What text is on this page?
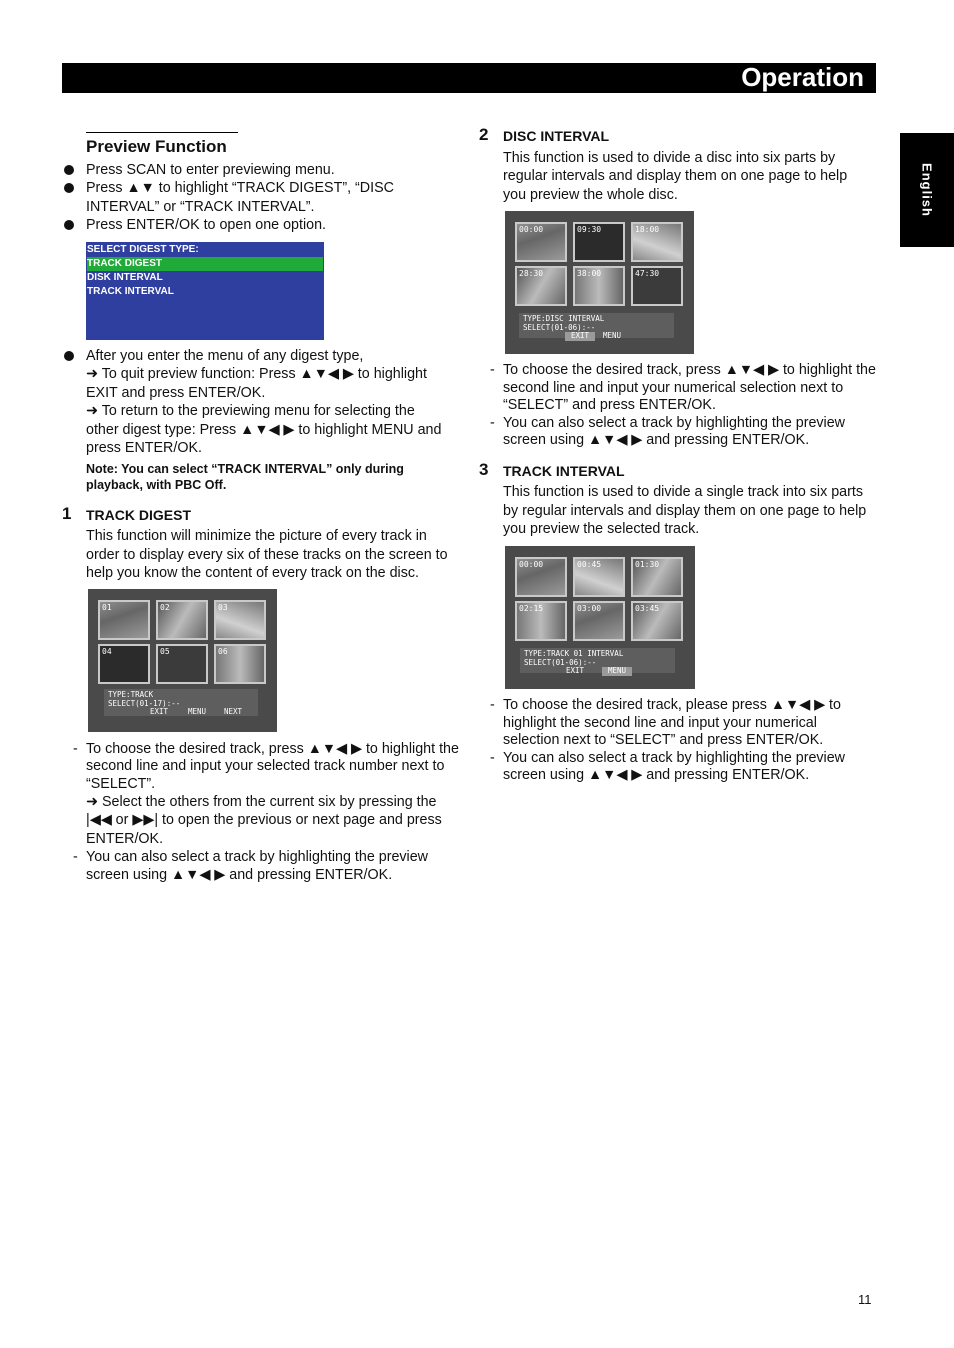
Operation
English
Preview Function
Press SCAN to enter previewing menu.
Press ▲▼ to highlight “TRACK DIGEST”, “DISC
INTERVAL” or “TRACK INTERVAL”.
Press ENTER/OK to open one option.
SELECT DIGEST TYPE:
TRACK DIGEST
DISK INTERVAL
TRACK INTERVAL
After you enter the menu of any digest type,
➜ To quit preview function: Press ▲▼◀ ▶ to highlight
EXIT and press ENTER/OK.
➜ To return to the previewing menu for selecting the
other digest type: Press ▲▼◀ ▶ to highlight MENU and
press ENTER/OK.
Note: You can select “TRACK INTERVAL” only during
playback, with PBC Off.
1 TRACK DIGEST
This function will minimize the picture of every track in
order to display every six of these tracks on the screen to
help you know the content of every track on the disc.
01	02	03
04	05	06
TYPE:TRACK
SELECT(01-17):--
EXIT	MENU NEXT
- To choose the desired track, press ▲▼◀ ▶ to highlight the
second line and input your selected track number next to
“SELECT”.
➜ Select the others from the current six by pressing the
|◀◀ or ▶▶| to open the previous or next page and press
ENTER/OK.
- You can also select a track by highlighting the preview
screen using ▲▼◀ ▶ and pressing ENTER/OK.
2 DISC INTERVAL
This function is used to divide a disc into six parts by
regular intervals and display them on one page to help
you preview the whole disc.
00:00	09:30	18:00
28:30	38:00	47:30
TYPE:DISC INTERVAL
SELECT(01-06):--
EXIT	MENU
- To choose the desired track, press ▲▼◀ ▶ to highlight the
second line and input your numerical selection next to
“SELECT” and press ENTER/OK.
- You can also select a track by highlighting the preview
screen using ▲▼◀ ▶ and pressing ENTER/OK.
3 TRACK INTERVAL
This function is used to divide a single track into six parts
by regular intervals and display them on one page to help
you preview the selected track.
00:00	00:45	01:30
02:15	03:00	03:45
TYPE:TRACK 01 INTERVAL
SELECT(01-06):--
EXIT	MENU
- To choose the desired track, please press ▲▼◀ ▶ to
highlight the second line and input your numerical
selection next to “SELECT” and press ENTER/OK.
- You can also select a track by highlighting the preview
screen using ▲▼◀ ▶ and pressing ENTER/OK.
11
